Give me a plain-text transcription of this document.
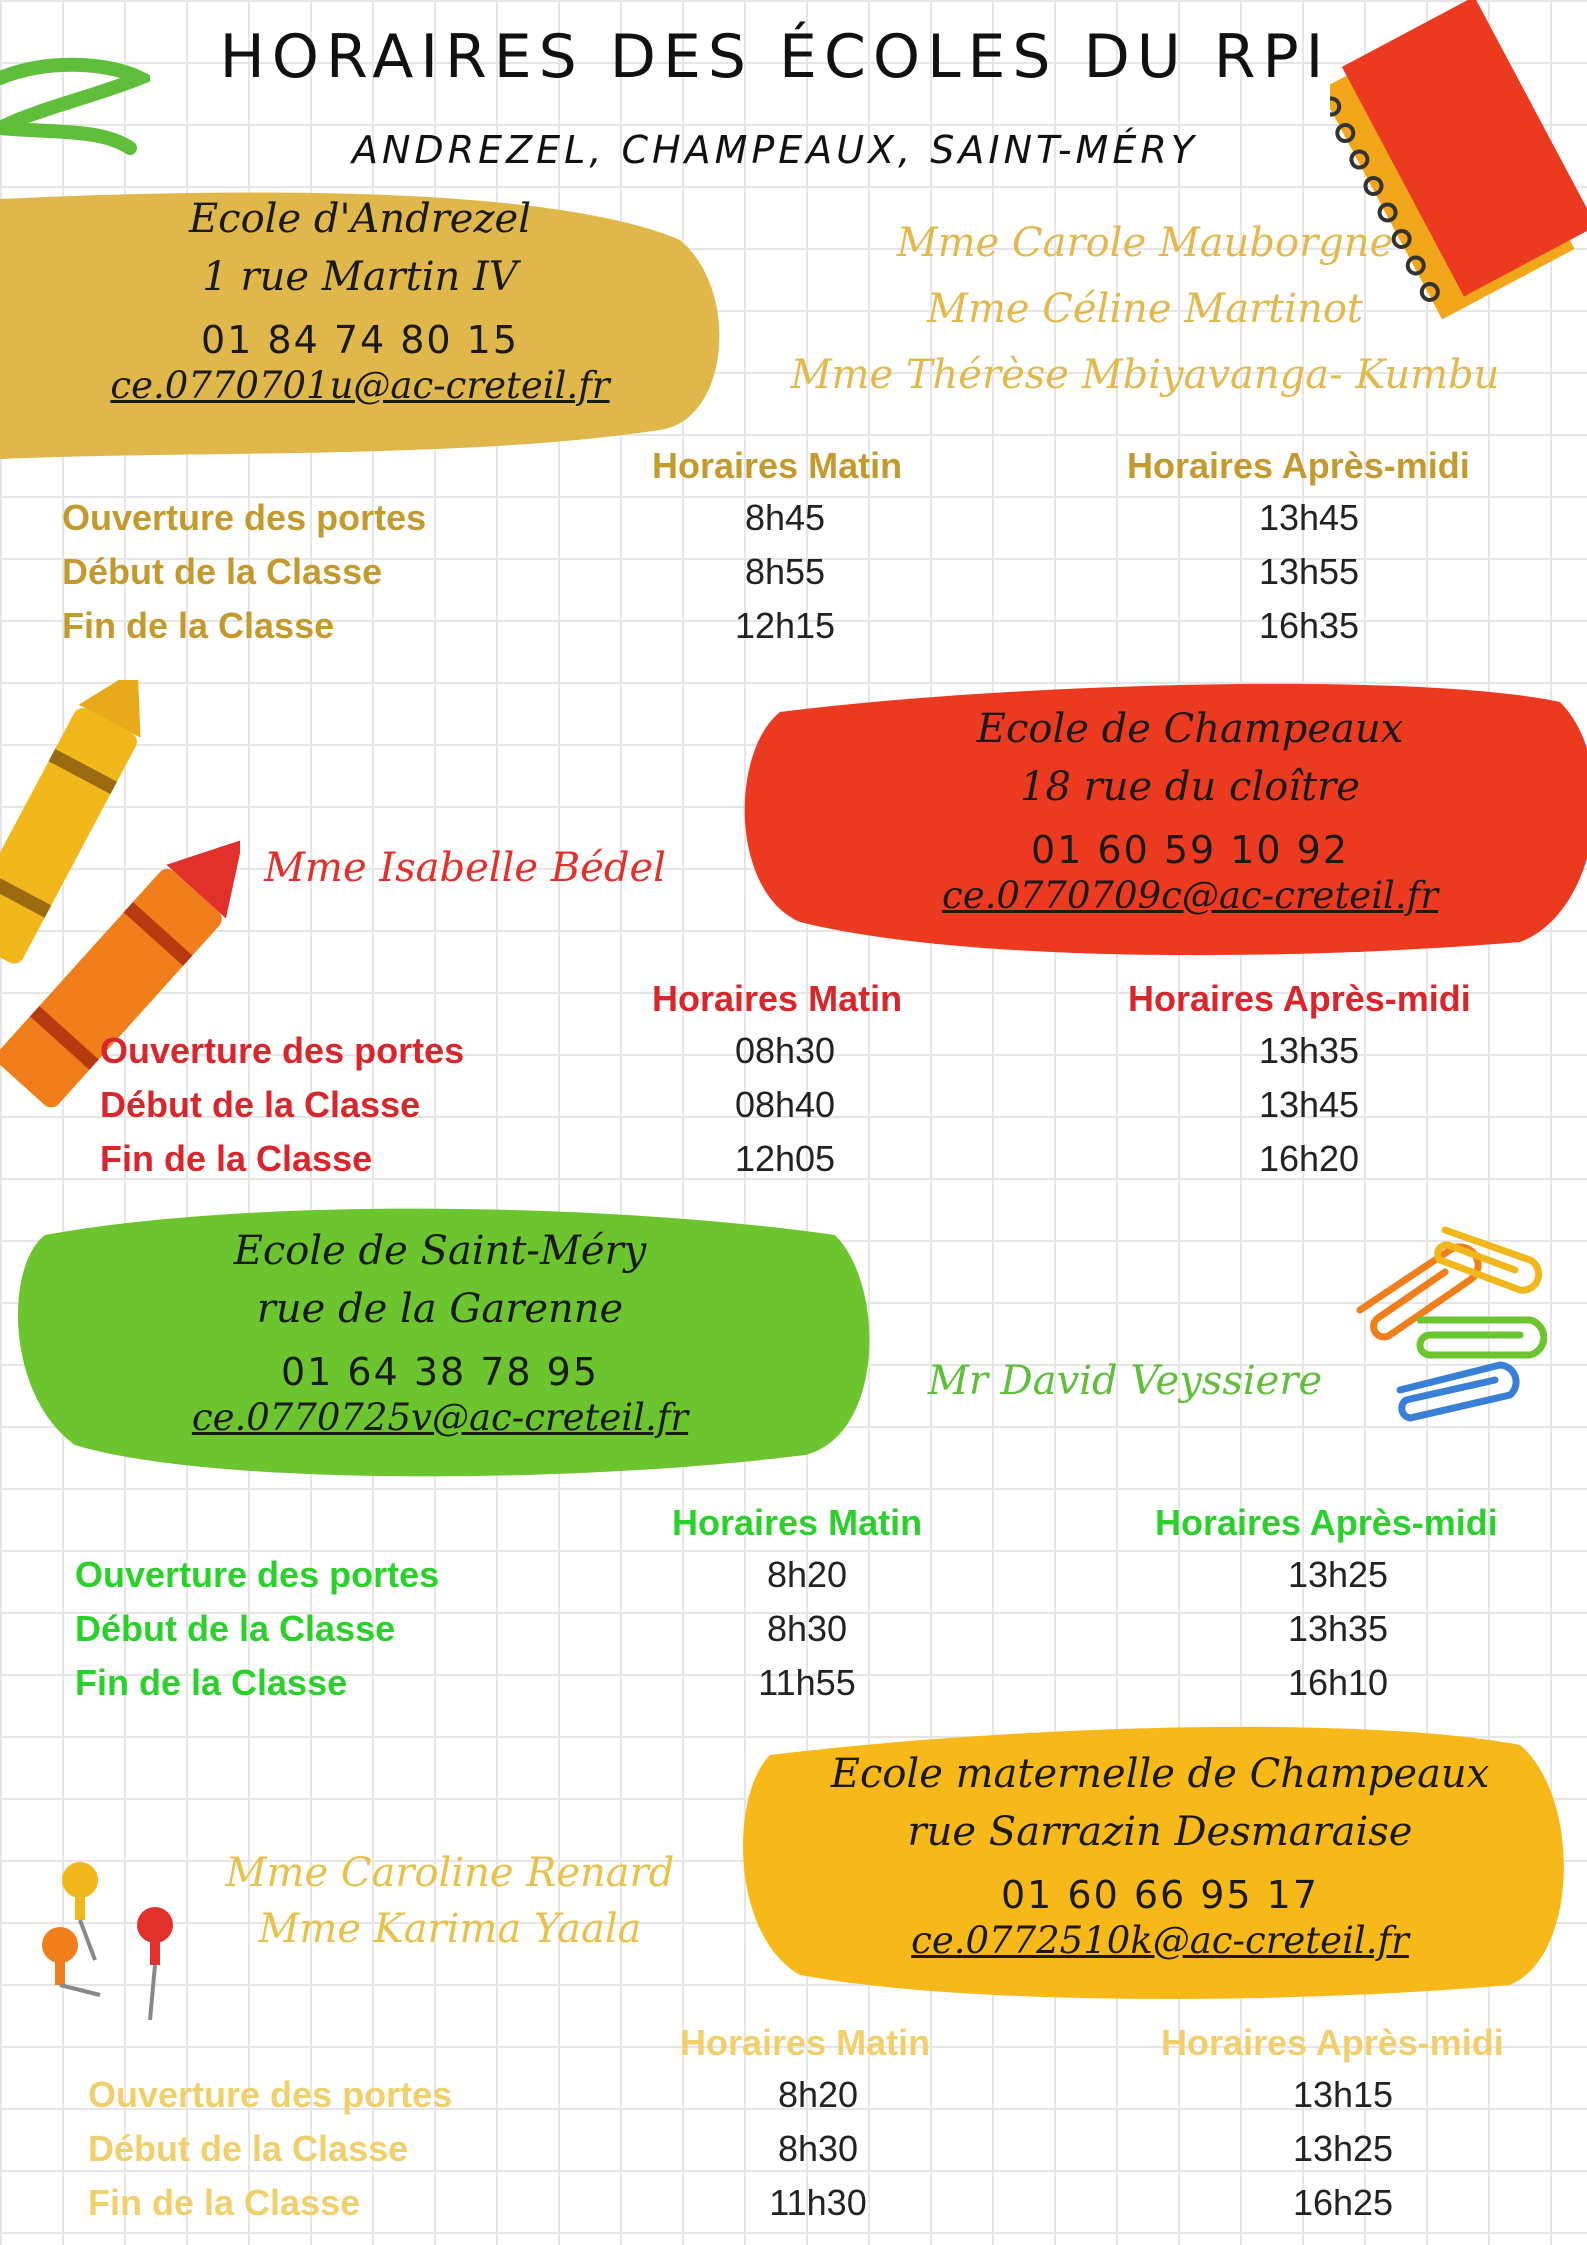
HORAIRES DES ÉCOLES DU RPI
ANDREZEL, CHAMPEAUX, SAINT-MÉRY
Ecole d'Andrezel
1 rue Martin IV
01 84 74 80 15
ce.0770701u@ac-creteil.fr
Mme Carole Mauborgne
Mme Céline Martinot
Mme Thérèse Mbiyavanga- Kumbu
Horaires Matin	Horaires Après-midi
Ouverture des portes	8h45	13h45
Début de la Classe	8h55	13h55
Fin de la Classe	12h15	16h35
Ecole de Champeaux
18 rue du cloître
01 60 59 10 92
ce.0770709c@ac-creteil.fr
Mme Isabelle Bédel
Horaires Matin	Horaires Après-midi
Ouverture des portes	08h30	13h35
Début de la Classe	08h40	13h45
Fin de la Classe	12h05	16h20
Ecole de Saint-Méry
rue de la Garenne
01 64 38 78 95
ce.0770725v@ac-creteil.fr
Mr David Veyssiere
Horaires Matin	Horaires Après-midi
Ouverture des portes	8h20	13h25
Début de la Classe	8h30	13h35
Fin de la Classe	11h55	16h10
Ecole maternelle de Champeaux
rue Sarrazin Desmaraise
01 60 66 95 17
ce.0772510k@ac-creteil.fr
Mme Caroline Renard
Mme Karima Yaala
Horaires Matin	Horaires Après-midi
Ouverture des portes	8h20	13h15
Début de la Classe	8h30	13h25
Fin de la Classe	11h30	16h25
